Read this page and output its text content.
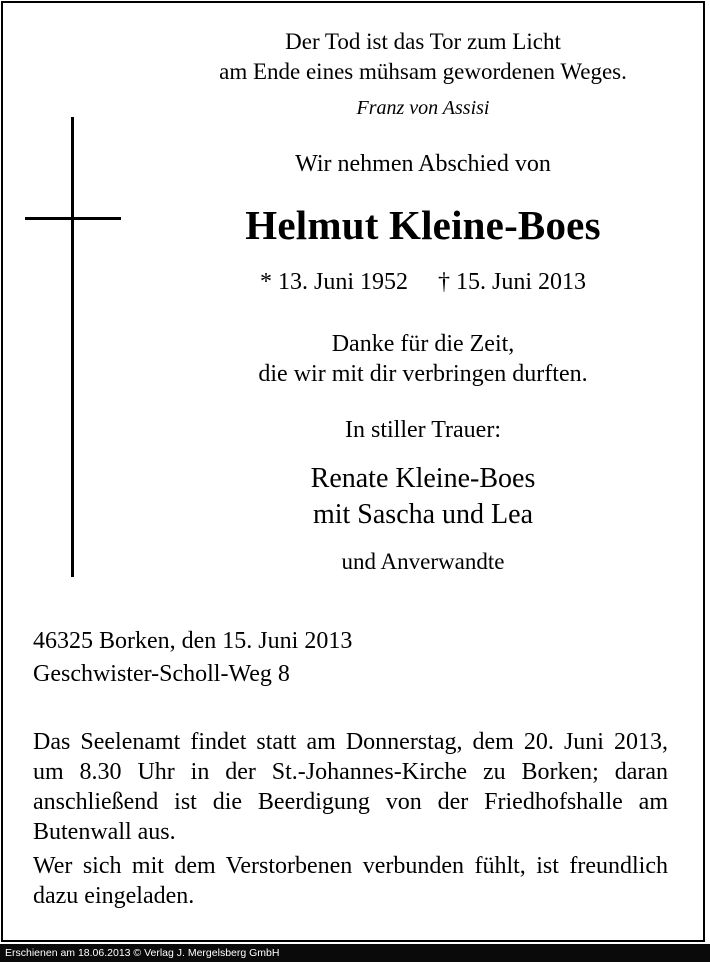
Der Tod ist das Tor zum Licht
am Ende eines mühsam gewordenen Weges.
Franz von Assisi
Wir nehmen Abschied von
Helmut Kleine-Boes
* 13. Juni 1952 † 15. Juni 2013
Danke für die Zeit,
die wir mit dir verbringen durften.
In stiller Trauer:
Renate Kleine-Boes
mit Sascha und Lea
und Anverwandte
46325 Borken, den 15. Juni 2013
Geschwister-Scholl-Weg 8
Das Seelenamt findet statt am Donnerstag, dem 20. Juni 2013, um 8.30 Uhr in der St.-Johannes-Kirche zu Borken; daran anschließend ist die Beerdigung von der Friedhofshalle am Butenwall aus.
Wer sich mit dem Verstorbenen verbunden fühlt, ist freundlich dazu eingeladen.
Erschienen am 18.06.2013 © Verlag J. Mergelsberg GmbH
